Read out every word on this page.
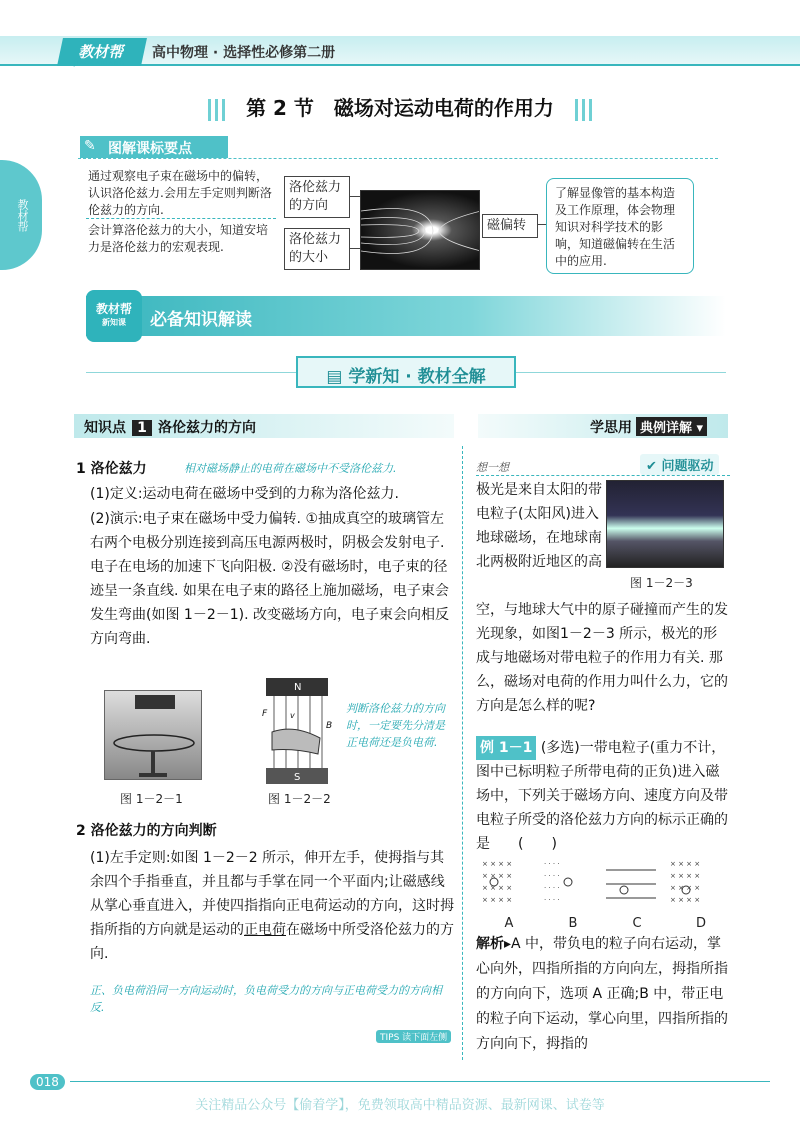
教材帮
JIAOCAIBANG
高中物理 · 选择性必修第二册
第 2 节　磁场对运动电荷的作用力
图解课标要点
✎
教材帮
通过观察电子束在磁场中的偏转，认识洛伦兹力.会用左手定则判断洛伦兹力的方向.
会计算洛伦兹力的大小，知道安培力是洛伦兹力的宏观表现.
洛伦兹力的方向
洛伦兹力的大小
磁偏转
了解显像管的基本构造及工作原理，体会物理知识对科学技术的影响，知道磁偏转在生活中的应用.
教材帮
新知课	必备知识解读
▤ 学新知 · 教材全解
知识点 1 洛伦兹力的方向	学思用 典例详解 ▾
1 洛伦兹力	相对磁场静止的电荷在磁场中不受洛伦兹力.
(1)定义:运动电荷在磁场中受到的力称为洛伦兹力.
(2)演示:电子束在磁场中受力偏转. ①抽成真空的玻璃管左右两个电极分别连接到高压电源两极时，阴极会发射电子. 电子在电场的加速下飞向阳极. ②没有磁场时，电子束的径迹呈一条直线. 如果在电子束的路径上施加磁场，电子束会发生弯曲(如图 1－2－1). 改变磁场方向，电子束会向相反方向弯曲.
N
S
F
B
v
判断洛伦兹力的方向时，一定要先分清是正电荷还是负电荷.
图 1－2－1	图 1－2－2
2 洛伦兹力的方向判断
(1)左手定则:如图 1－2－2 所示，伸开左手，使拇指与其余四个手指垂直，并且都与手掌在同一个平面内;让磁感线从掌心垂直进入，并使四指指向正电荷运动的方向，这时拇指所指的方向就是运动的正电荷在磁场中所受洛伦兹力的方向.
正、负电荷沿同一方向运动时，负电荷受力的方向与正电荷受力的方向相反.
TIPS 读下面左侧
想一想	✔ 问题驱动
极光是来自太阳的带电粒子(太阳风)进入地球磁场，在地球南北两极附近地区的高
图 1－2－3
空，与地球大气中的原子碰撞而产生的发光现象，如图1－2－3 所示，极光的形成与地磁场对带电粒子的作用力有关. 那么，磁场对电荷的作用力叫什么力，它的方向是怎么样的呢?
例 1－1 (多选)一带电粒子(重力不计，图中已标明粒子所带电荷的正负)进入磁场中，下列关于磁场方向、速度方向及带电粒子所受的洛伦兹力方向的标示正确的是　　(　　)
× × × ×
× × × ×
× × × ×
× × × ×
· · · ·
· · · ·
· · · ·
· · · ·
× × × ×
× × × ×
× × × ×
× × × ×
A	B	C	D
解析▸A 中，带负电的粒子向右运动，掌心向外，四指所指的方向向左，拇指所指的方向向下，选项 A 正确;B 中，带正电的粒子向下运动，掌心向里，四指所指的方向向下，拇指的
018
关注精品公众号【偷着学】，免费领取高中精品资源、最新网课、试卷等
